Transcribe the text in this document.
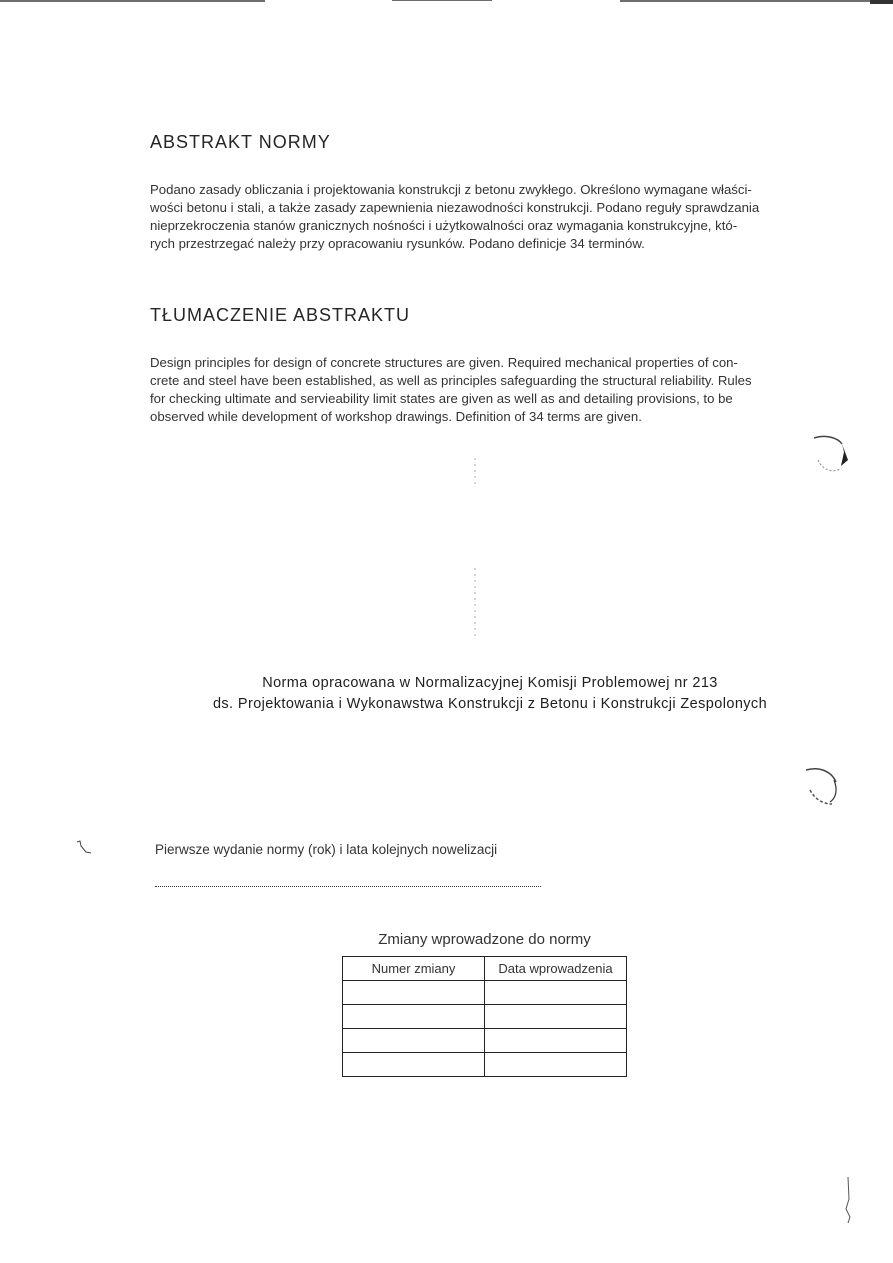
ABSTRAKT NORMY
Podano zasady obliczania i projektowania konstrukcji z betonu zwykłego. Określono wymagane właści-
wości betonu i stali, a także zasady zapewnienia niezawodności konstrukcji. Podano reguły sprawdzania
nieprzekroczenia stanów granicznych nośności i użytkowalności oraz wymagania konstrukcyjne, któ-
rych przestrzegać należy przy opracowaniu rysunków. Podano definicje 34 terminów.
TŁUMACZENIE ABSTRAKTU
Design principles for design of concrete structures are given. Required mechanical properties of con-
crete and steel have been established, as well as principles safeguarding the structural reliability. Rules
for checking ultimate and servieability limit states are given as well as and detailing provisions, to be
observed while development of workshop drawings. Definition of 34 terms are given.
Norma opracowana w Normalizacyjnej Komisji Problemowej nr 213
ds. Projektowania i Wykonawstwa Konstrukcji z Betonu i Konstrukcji Zespolonych
Pierwsze wydanie normy (rok) i lata kolejnych nowelizacji
Zmiany wprowadzone do normy
Numer zmiany	Data wprowadzenia
